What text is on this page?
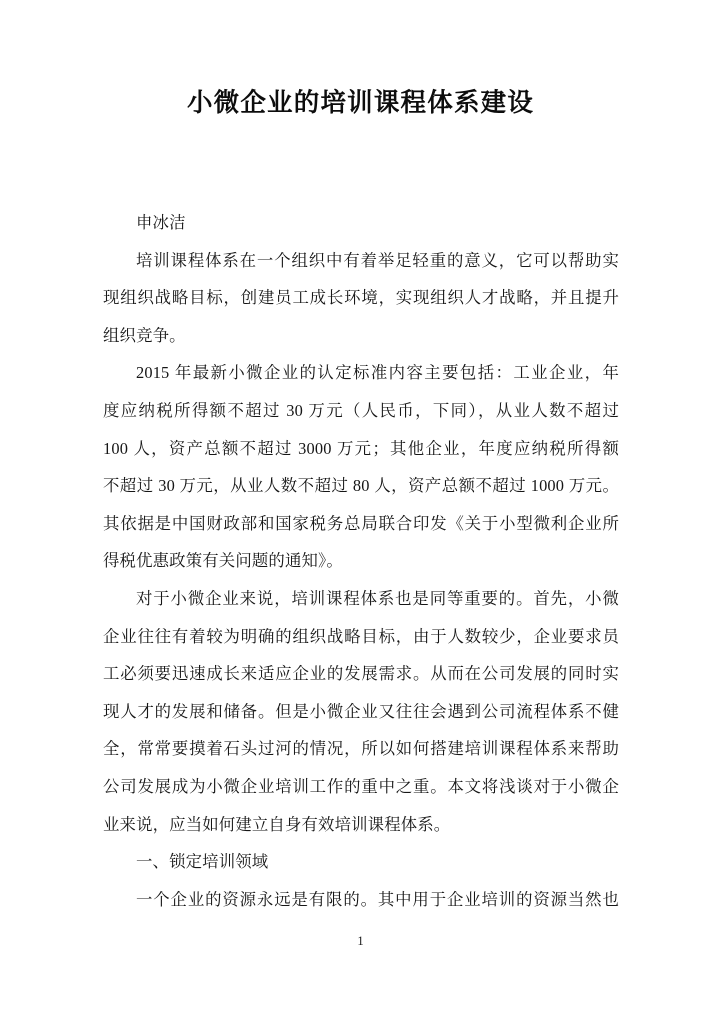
小微企业的培训课程体系建设
申冰洁
培训课程体系在一个组织中有着举足轻重的意义，它可以帮助实
现组织战略目标，创建员工成长环境，实现组织人才战略，并且提升
组织竞争。
2015 年最新小微企业的认定标准内容主要包括：工业企业，年
度应纳税所得额不超过 30 万元（人民币，下同），从业人数不超过
100 人，资产总额不超过 3000 万元；其他企业，年度应纳税所得额
不超过 30 万元，从业人数不超过 80 人，资产总额不超过 1000 万元。
其依据是中国财政部和国家税务总局联合印发《关于小型微利企业所
得税优惠政策有关问题的通知》。
对于小微企业来说，培训课程体系也是同等重要的。首先，小微
企业往往有着较为明确的组织战略目标，由于人数较少，企业要求员
工必须要迅速成长来适应企业的发展需求。从而在公司发展的同时实
现人才的发展和储备。但是小微企业又往往会遇到公司流程体系不健
全，常常要摸着石头过河的情况，所以如何搭建培训课程体系来帮助
公司发展成为小微企业培训工作的重中之重。本文将浅谈对于小微企
业来说，应当如何建立自身有效培训课程体系。
一、锁定培训领域
一个企业的资源永远是有限的。其中用于企业培训的资源当然也
1
